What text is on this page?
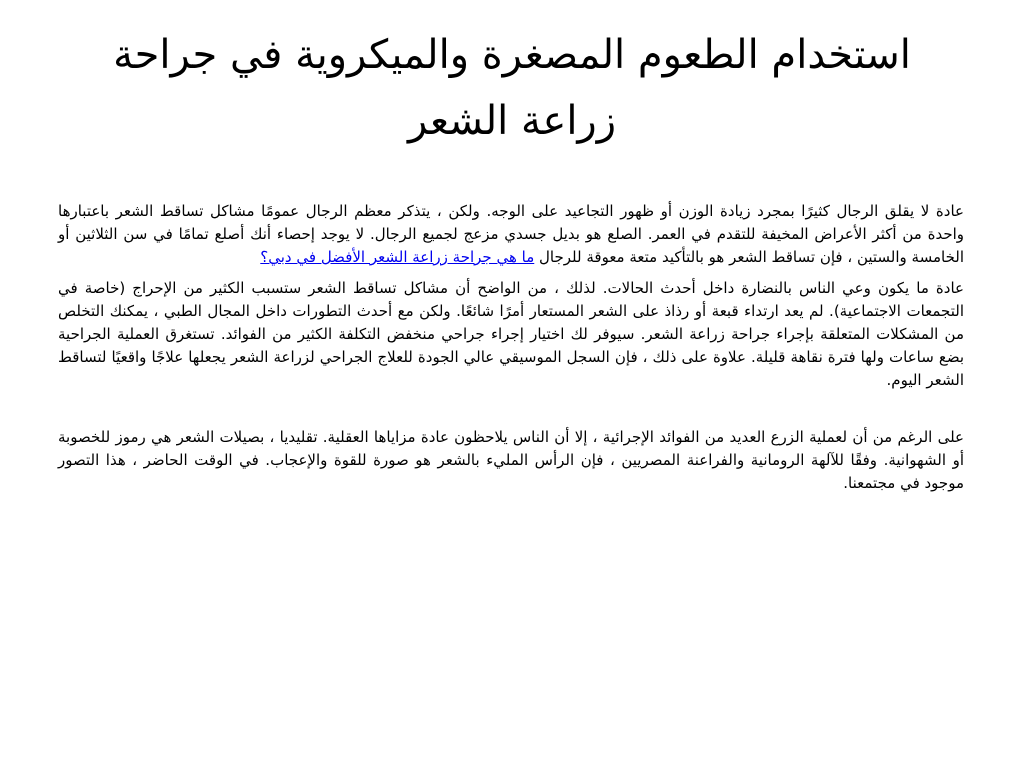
استخدام الطعوم المصغرة والميكروية في جراحة
زراعة الشعر

عادة لا يقلق الرجال كثيرًا بمجرد زيادة الوزن أو ظهور التجاعيد على الوجه. ولكن ، يتذكر معظم الرجال عمومًا مشاكل تساقط الشعر باعتبارها واحدة من أكثر الأعراض المخيفة للتقدم في العمر. الصلع هو بديل جسدي مزعج لجميع الرجال. لا يوجد إحصاء أنك أصلع تمامًا في سن الثلاثين أو الخامسة والستين ، فإن تساقط الشعر هو بالتأكيد متعة معوقة للرجال ما هي جراحة زراعة الشعر الأفضل في دبي؟

عادة ما يكون وعي الناس بالنضارة داخل أحدث الحالات. لذلك ، من الواضح أن مشاكل تساقط الشعر ستسبب الكثير من الإحراج (خاصة في التجمعات الاجتماعية). لم يعد ارتداء قبعة أو رذاذ على الشعر المستعار أمرًا شائعًا. ولكن مع أحدث التطورات داخل المجال الطبي ، يمكنك التخلص من المشكلات المتعلقة بإجراء جراحة زراعة الشعر. سيوفر لك اختيار إجراء جراحي منخفض التكلفة الكثير من الفوائد. تستغرق العملية الجراحية بضع ساعات ولها فترة نقاهة قليلة. علاوة على ذلك ، فإن السجل الموسيقي عالي الجودة للعلاج الجراحي لزراعة الشعر يجعلها علاجًا واقعيًا لتساقط الشعر اليوم.

على الرغم من أن لعملية الزرع العديد من الفوائد الإجرائية ، إلا أن الناس يلاحظون عادة مزاياها العقلية. تقليديا ، بصيلات الشعر هي رموز للخصوبة أو الشهوانية. وفقًا للآلهة الرومانية والفراعنة المصريين ، فإن الرأس المليء بالشعر هو صورة للقوة والإعجاب. في الوقت الحاضر ، هذا التصور موجود في مجتمعنا.
